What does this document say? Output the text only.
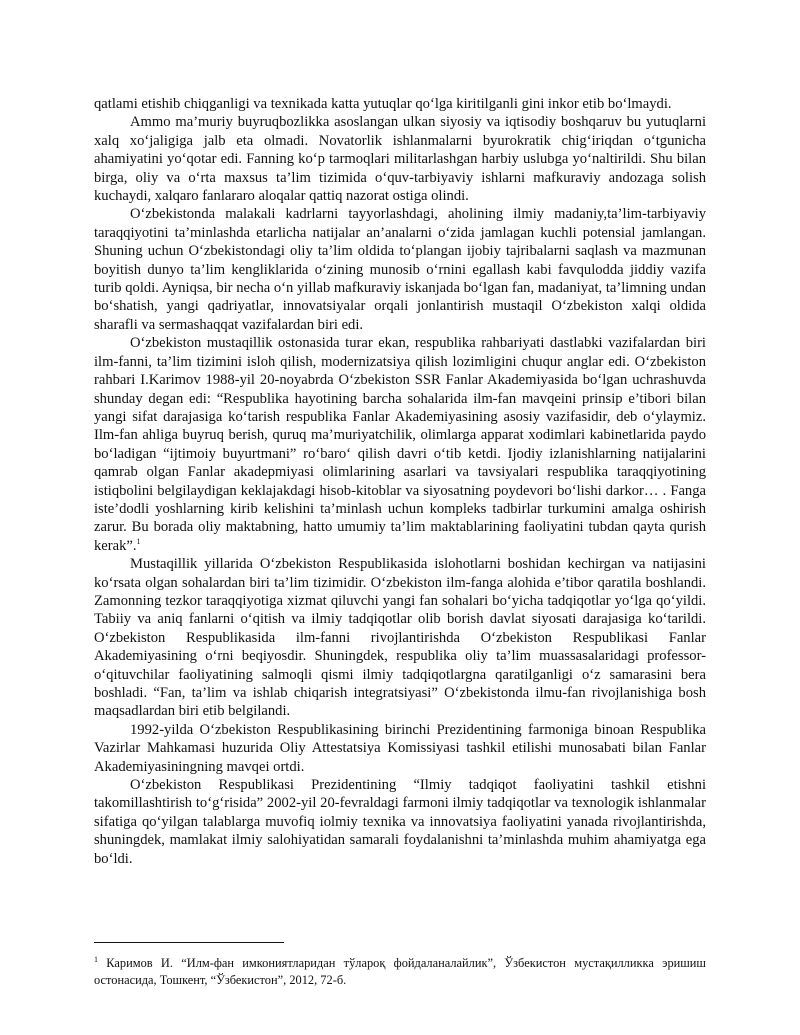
qatlami etishib chiqganligi va texnikada katta yutuqlar qo‘lga kiritilganli gini inkor etib bo‘lmaydi.

Ammo ma’muriy buyruqbozlikka asoslangan ulkan siyosiy va iqtisodiy boshqaruv bu yutuqlarni xalq xo‘jaligiga jalb eta olmadi. Novatorlik ishlanmalarni byurokratik chig‘iriqdan o‘tgunicha ahamiyatini yo‘qotar edi. Fanning ko‘p tarmoqlari militarlashgan harbiy uslubga yo‘naltirildi. Shu bilan birga, oliy va o‘rta maxsus ta’lim tizimida o‘quv-tarbiyaviy ishlarni mafkuraviy andozaga solish kuchaydi, xalqaro fanlararo aloqalar qattiq nazorat ostiga olindi.

O‘zbekistonda malakali kadrlarni tayyorlashdagi, aholining ilmiy madaniy,ta’lim-tarbiyaviy taraqqiyotini ta’minlashda etarlicha natijalar an’analarni o‘zida jamlagan kuchli potensial jamlangan. Shuning uchun O‘zbekistondagi oliy ta’lim oldida to‘plangan ijobiy tajribalarni saqlash va mazmunan boyitish dunyo ta’lim kengliklarida o‘zining munosib o‘rnini egallash kabi favqulodda jiddiy vazifa turib qoldi. Ayniqsa, bir necha o‘n yillab mafkuraviy iskanjada bo‘lgan fan, madaniyat, ta’limning undan bo‘shatish, yangi qadriyatlar, innovatsiyalar orqali jonlantirish mustaqil O‘zbekiston xalqi oldida sharafli va sermashaqqat vazifalardan biri edi.

O‘zbekiston mustaqillik ostonasida turar ekan, respublika rahbariyati dastlabki vazifalardan biri ilm-fanni, ta’lim tizimini isloh qilish, modernizatsiya qilish lozimligini chuqur anglar edi. O‘zbekiston rahbari I.Karimov 1988-yil 20-noyabrda O‘zbekiston SSR Fanlar Akademiyasida bo‘lgan uchrashuvda shunday degan edi: “Respublika hayotining barcha sohalarida ilm-fan mavqeini prinsip e’tibori bilan yangi sifat darajasiga ko‘tarish respublika Fanlar Akademiyasining asosiy vazifasidir, deb o‘ylaymiz. Ilm-fan ahliga buyruq berish, quruq ma’muriyatchilik, olimlarga apparat xodimlari kabinetlarida paydo bo‘ladigan “ijtimoiy buyurtmani” ro‘baro‘ qilish davri o‘tib ketdi. Ijodiy izlanishlarning natijalarini qamrab olgan Fanlar akadepmiyasi olimlarining asarlari va tavsiyalari respublika taraqqiyotining istiqbolini belgilaydigan keklajakdagi hisob-kitoblar va siyosatning poydevori bo‘lishi darkor… . Fanga iste’dodli yoshlarning kirib kelishini ta’minlash uchun kompleks tadbirlar turkumini amalga oshirish zarur. Bu borada oliy maktabning, hatto umumiy ta’lim maktablarining faoliyatini tubdan qayta qurish kerak”.$^1$

Mustaqillik yillarida O‘zbekiston Respublikasida islohotlarni boshidan kechirgan va natijasini ko‘rsata olgan sohalardan biri ta’lim tizimidir. O‘zbekiston ilm-fanga alohida e’tibor qaratila boshlandi. Zamonning tezkor taraqqiyotiga xizmat qiluvchi yangi fan sohalari bo‘yicha tadqiqotlar yo‘lga qo‘yildi. Tabiiy va aniq fanlarni o‘qitish va ilmiy tadqiqotlar olib borish davlat siyosati darajasiga ko‘tarildi. O‘zbekiston Respublikasida ilm-fanni rivojlantirishda O‘zbekiston Respublikasi Fanlar Akademiyasining o‘rni beqiyosdir. Shuningdek, respublika oliy ta’lim muassasalaridagi professor-o‘qituvchilar faoliyatining salmoqli qismi ilmiy tadqiqotlargna qaratilganligi o‘z samarasini bera boshladi. “Fan, ta’lim va ishlab chiqarish integratsiyasi” O‘zbekistonda ilmu-fan rivojlanishiga bosh maqsadlardan biri etib belgilandi.

1992-yilda O‘zbekiston Respublikasining birinchi Prezidentining farmoniga binoan Respublika Vazirlar Mahkamasi huzurida Oliy Attestatsiya Komissiyasi tashkil etilishi munosabati bilan Fanlar Akademiyasiningning mavqei ortdi.

O‘zbekiston Respublikasi Prezidentining “Ilmiy tadqiqot faoliyatini tashkil etishni takomillashtirish to‘g‘risida” 2002-yil 20-fevraldagi farmoni ilmiy tadqiqotlar va texnologik ishlanmalar sifatiga qo‘yilgan talablarga muvofiq iolmiy texnika va innovatsiya faoliyatini yanada rivojlantirishda, shuningdek, mamlakat ilmiy salohiyatidan samarali foydalanishni ta’minlashda muhim ahamiyatga ega bo‘ldi.

$^1$ Каримов И. “Илм-фан имкониятларидан тўлароқ фойдаланалайлик”, Ўзбекистон мустақилликка эришиш остонасида, Тошкент, “Ўзбекистон”, 2012, 72-б.
